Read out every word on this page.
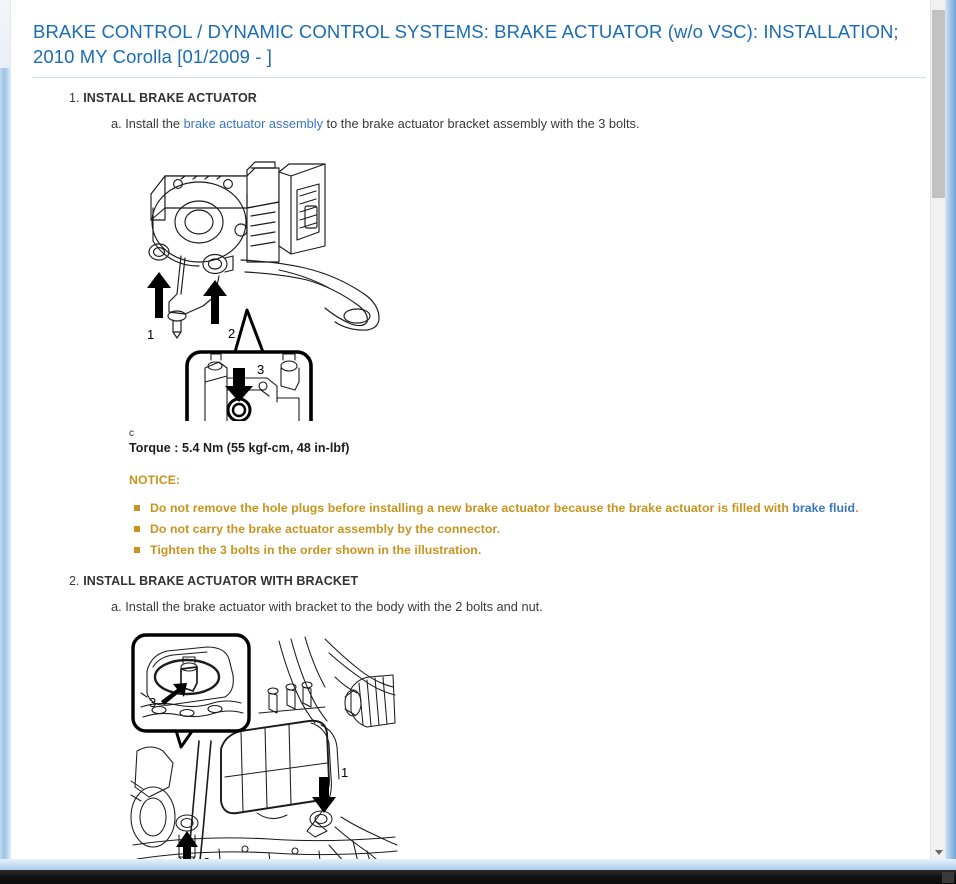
BRAKE CONTROL / DYNAMIC CONTROL SYSTEMS: BRAKE ACTUATOR (w/o VSC): INSTALLATION; 2010 MY Corolla [01/2009 - ]
1. INSTALL BRAKE ACTUATOR
a. Install the brake actuator assembly to the brake actuator bracket assembly with the 3 bolts.
1	2
3
c
Torque : 5.4 Nm (55 kgf-cm, 48 in-lbf)
NOTICE:
Do not remove the hole plugs before installing a new brake actuator because the brake actuator is filled with brake fluid.
Do not carry the brake actuator assembly by the connector.
Tighten the 3 bolts in the order shown in the illustration.
2. INSTALL BRAKE ACTUATOR WITH BRACKET
a. Install the brake actuator with bracket to the body with the 2 bolts and nut.
3
1
